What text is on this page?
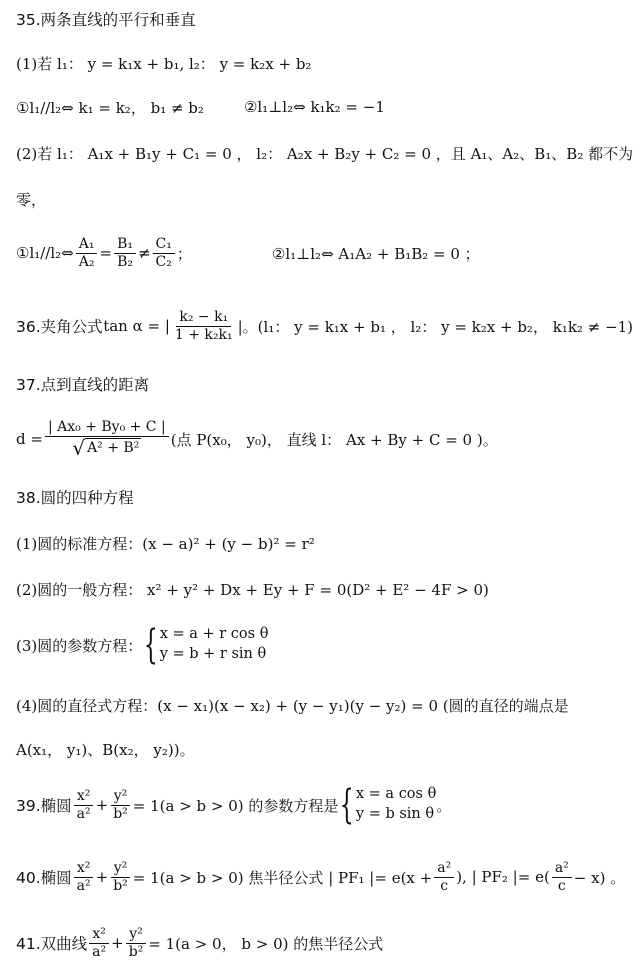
35.两条直线的平行和垂直
(1)若 l₁： y = k₁x + b₁, l₂： y = k₂x + b₂
①l₁//l₂⇔ k₁ = k₂， b₁ ≠ b₂	②l₁⊥l₂⇔ k₁k₂ = −1
(2)若 l₁： A₁x + B₁y + C₁ = 0 ， l₂： A₂x + B₂y + C₂ = 0 ，且 A₁、A₂、B₁、B₂ 都不为
零，
①l₁//l₂⇔ $\frac{\text{A₁}}{\text{A₂}} = \frac{\text{B₁}}{\text{B₂}} \ne \frac{\text{C₁}}{\text{C₂}}$ ；	②l₁⊥l₂⇔ A₁A₂ + B₁B₂ = 0 ；
36.夹角公式 tan α = | $\frac{\text{k₂ − k₁}}{\text{1 + k₂k₁}}$ |。(l₁： y = k₁x + b₁ ， l₂： y = k₂x + b₂， k₁k₂ ≠ −1)
37.点到直线的距离
$d = \frac{\text{| Ax₀ + By₀ + C |}}{\text{√ A² + B²}}$ (点 P(x₀， y₀)， 直线 l： Ax + By + C = 0 )。
38.圆的四种方程
(1)圆的标准方程：(x − a)² + (y − b)² = r²
(2)圆的一般方程： x² + y² + Dx + Ey + F = 0(D² + E² − 4F > 0)
(3)圆的参数方程： { x = a + r cos θ
y = b + r sin θ
(4)圆的直径式方程：(x − x₁)(x − x₂) + (y − y₁)(y − y₂) = 0 (圆的直径的端点是
A(x₁， y₁)、B(x₂， y₂))。
39.椭圆 $\frac{\text{x²}}{\text{a²}} + \frac{\text{y²}}{\text{b²}} = 1(a > b > 0)$ 的参数方程是 { x = a cos θ
y = b sin θ 。
40.椭圆 $\frac{\text{x²}}{\text{a²}} + \frac{\text{y²}}{\text{b²}} = 1(a > b > 0)$ 焦半径公式 | PF₁ |= $e(x + \frac{\text{a²}}{c}$ ), | PF₂ |= $e( \frac{\text{a²}}{c} - x)$ 。
41.双曲线 $\frac{\text{x²}}{\text{a²}} + \frac{\text{y²}}{\text{b²}} = 1(a > 0$， b > 0) 的焦半径公式
